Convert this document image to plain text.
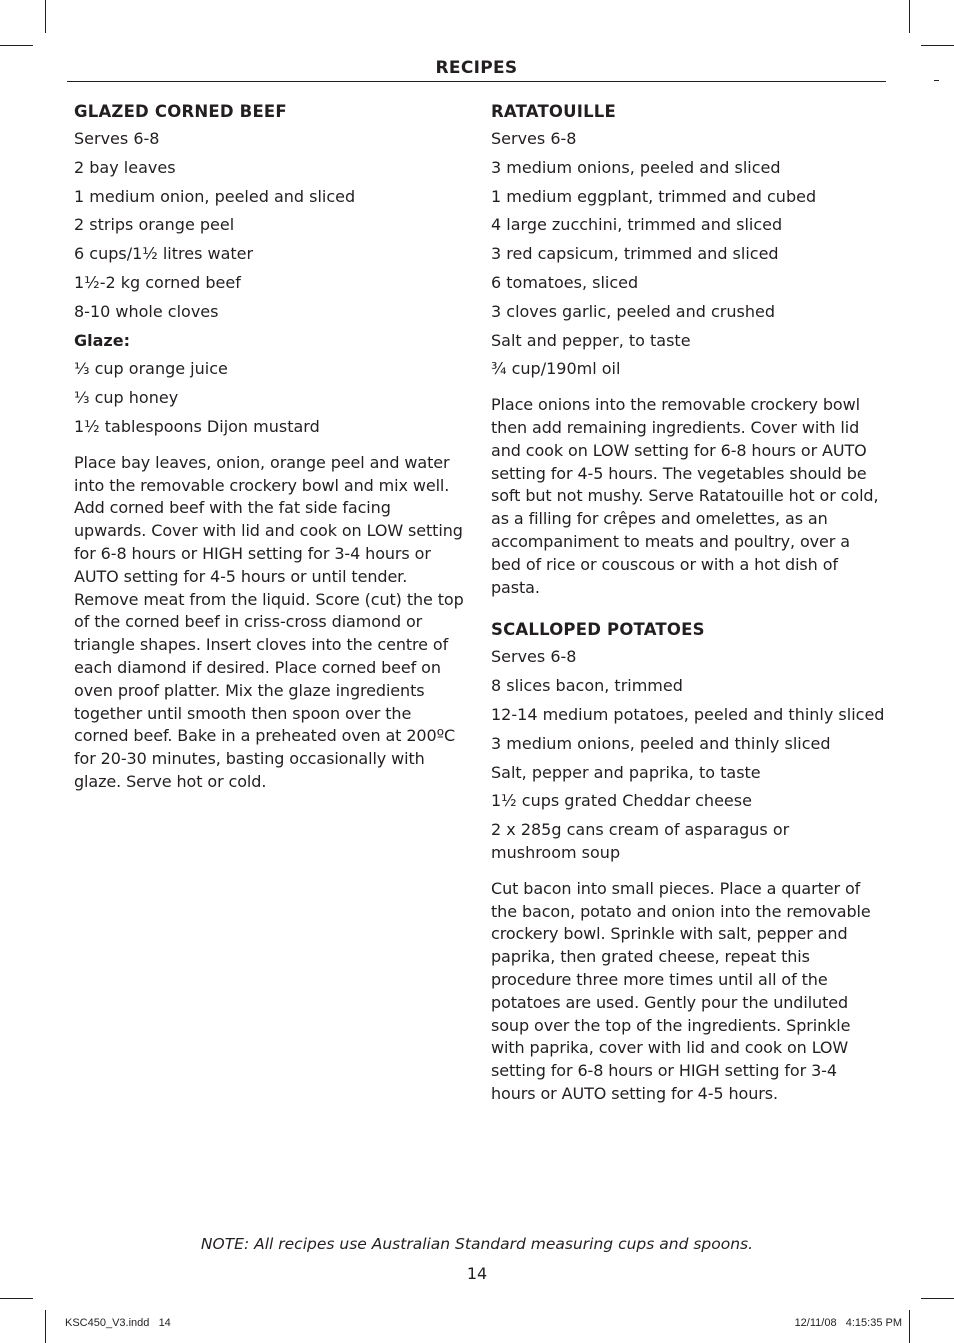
RECIPES
GLAZED CORNED BEEF
Serves 6-8
2 bay leaves
1 medium onion, peeled and sliced
2 strips orange peel
6 cups/1½ litres water
1½-2 kg corned beef
8-10 whole cloves
Glaze:
⅓ cup orange juice
⅓ cup honey
1½ tablespoons Dijon mustard
Place bay leaves, onion, orange peel and water into the removable crockery bowl and mix well. Add corned beef with the fat side facing upwards. Cover with lid and cook on LOW setting for 6-8 hours or HIGH setting for 3-4 hours or AUTO setting for 4-5 hours or until tender. Remove meat from the liquid. Score (cut) the top of the corned beef in criss-cross diamond or triangle shapes. Insert cloves into the centre of each diamond if desired. Place corned beef on oven proof platter. Mix the glaze ingredients together until smooth then spoon over the corned beef. Bake in a preheated oven at 200ºC for 20-30 minutes, basting occasionally with glaze. Serve hot or cold.
RATATOUILLE
Serves 6-8
3 medium onions, peeled and sliced
1 medium eggplant, trimmed and cubed
4 large zucchini, trimmed and sliced
3 red capsicum, trimmed and sliced
6 tomatoes, sliced
3 cloves garlic, peeled and crushed
Salt and pepper, to taste
¾ cup/190ml oil
Place onions into the removable crockery bowl then add remaining ingredients. Cover with lid and cook on LOW setting for 6-8 hours or AUTO setting for 4-5 hours. The vegetables should be soft but not mushy. Serve Ratatouille hot or cold, as a filling for crêpes and omelettes, as an accompaniment to meats and poultry, over a bed of rice or couscous or with a hot dish of pasta.
SCALLOPED POTATOES
Serves 6-8
8 slices bacon, trimmed
12-14 medium potatoes, peeled and thinly sliced
3 medium onions, peeled and thinly sliced
Salt, pepper and paprika, to taste
1½ cups grated Cheddar cheese
2 x 285g cans cream of asparagus or mushroom soup
Cut bacon into small pieces. Place a quarter of the bacon, potato and onion into the removable crockery bowl. Sprinkle with salt, pepper and paprika, then grated cheese, repeat this procedure three more times until all of the potatoes are used. Gently pour the undiluted soup over the top of the ingredients. Sprinkle with paprika, cover with lid and cook on LOW setting for 6-8 hours or HIGH setting for 3-4 hours or AUTO setting for 4-5 hours.
NOTE: All recipes use Australian Standard measuring cups and spoons.
14
KSC450_V3.indd   14	12/11/08   4:15:35 PM
